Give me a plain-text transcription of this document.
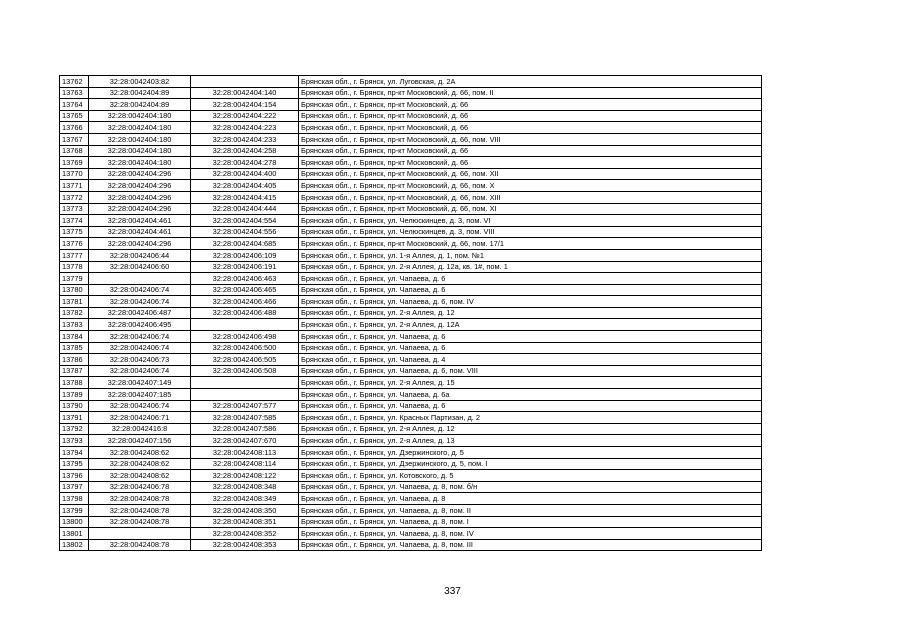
13762	32:28:0042403:82		Брянская обл., г. Брянск, ул. Луговская, д. 2А
13763	32:28:0042404:89	32:28:0042404:140	Брянская обл., г. Брянск, пр-кт Московский, д. 66, пом. II
13764	32:28:0042404:89	32:28:0042404:154	Брянская обл., г. Брянск, пр-кт Московский, д. 66
13765	32:28:0042404:180	32:28:0042404:222	Брянская обл., г. Брянск, пр-кт Московский, д. 66
13766	32:28:0042404:180	32:28:0042404:223	Брянская обл., г. Брянск, пр-кт Московский, д. 66
13767	32:28:0042404:180	32:28:0042404:233	Брянская обл., г. Брянск, пр-кт Московский, д. 66, пом. VIII
13768	32:28:0042404:180	32:28:0042404:258	Брянская обл., г. Брянск, пр-кт Московский, д. 66
13769	32:28:0042404:180	32:28:0042404:278	Брянская обл., г. Брянск, пр-кт Московский, д. 66
13770	32:28:0042404:296	32:28:0042404:400	Брянская обл., г. Брянск, пр-кт Московский, д. 66, пом. XII
13771	32:28:0042404:296	32:28:0042404:405	Брянская обл., г. Брянск, пр-кт Московский, д. 66, пом. X
13772	32:28:0042404:296	32:28:0042404:415	Брянская обл., г. Брянск, пр-кт Московский, д. 66, пом. XIII
13773	32:28:0042404:296	32:28:0042404:444	Брянская обл., г. Брянск, пр-кт Московский, д. 66, пом. XI
13774	32:28:0042404:461	32:28:0042404:554	Брянская обл., г. Брянск, ул. Челюскинцев, д. 3, пом. VI
13775	32:28:0042404:461	32:28:0042404:556	Брянская обл., г. Брянск, ул. Челюскинцев, д. 3, пом. VIII
13776	32:28:0042404:296	32:28:0042404:685	Брянская обл., г. Брянск, пр-кт Московский, д. 66, пом. 17/1
13777	32:28:0042406:44	32:28:0042406:109	Брянская обл., г. Брянск, ул. 1-я Аллея, д. 1, пом. №1
13778	32:28:0042406:60	32:28:0042406:191	Брянская обл., г. Брянск, ул. 2-я Аллея, д. 12а, кв. 1#, пом. 1
13779		32:28:0042406:463	Брянская обл., г. Брянск, ул. Чапаева, д. 6
13780	32:28:0042406:74	32:28:0042406:465	Брянская обл., г. Брянск, ул. Чапаева, д. 6
13781	32:28:0042406:74	32:28:0042406:466	Брянская обл., г. Брянск, ул. Чапаева, д. 6, пом. IV
13782	32:28:0042406:487	32:28:0042406:488	Брянская обл., г. Брянск, ул. 2-я Аллея, д. 12
13783	32:28:0042406:495		Брянская обл., г. Брянск, ул. 2-я Аллея, д. 12А
13784	32:28:0042406:74	32:28:0042406:498	Брянская обл., г. Брянск, ул. Чапаева, д. 6
13785	32:28:0042406:74	32:28:0042406:500	Брянская обл., г. Брянск, ул. Чапаева, д. 6
13786	32:28:0042406:73	32:28:0042406:505	Брянская обл., г. Брянск, ул. Чапаева, д. 4
13787	32:28:0042406:74	32:28:0042406:508	Брянская обл., г. Брянск, ул. Чапаева, д. 6, пом. VIII
13788	32:28:0042407:149		Брянская обл., г. Брянск, ул. 2-я Аллея, д. 15
13789	32:28:0042407:185		Брянская обл., г. Брянск, ул. Чапаева, д. 6а
13790	32:28:0042406:74	32:28:0042407:577	Брянская обл., г. Брянск, ул. Чапаева, д. 6
13791	32:28:0042406:71	32:28:0042407:585	Брянская обл., г. Брянск, ул. Красных Партизан, д. 2
13792	32:28:0042416:8	32:28:0042407:586	Брянская обл., г. Брянск, ул. 2-я Аллея, д. 12
13793	32:28:0042407:156	32:28:0042407:670	Брянская обл., г. Брянск, ул. 2-я Аллея, д. 13
13794	32:28:0042408:62	32:28:0042408:113	Брянская обл., г. Брянск, ул. Дзержинского, д. 5
13795	32:28:0042408:62	32:28:0042408:114	Брянская обл., г. Брянск, ул. Дзержинского, д. 5, пом. I
13796	32:28:0042408:62	32:28:0042408:122	Брянская обл., г. Брянск, ул. Котовского, д. 5
13797	32:28:0042406:78	32:28:0042408:348	Брянская обл., г. Брянск, ул. Чапаева, д. 8, пом. б/н
13798	32:28:0042408:78	32:28:0042408:349	Брянская обл., г. Брянск, ул. Чапаева, д. 8
13799	32:28:0042408:78	32:28:0042408:350	Брянская обл., г. Брянск, ул. Чапаева, д. 8, пом. II
13800	32:28:0042408:78	32:28:0042408:351	Брянская обл., г. Брянск, ул. Чапаева, д. 8, пом. I
13801		32:28:0042408:352	Брянская обл., г. Брянск, ул. Чапаева, д. 8, пом. IV
13802	32:28:0042408:78	32:28:0042408:353	Брянская обл., г. Брянск, ул. Чапаева, д. 8, пом. III
337
